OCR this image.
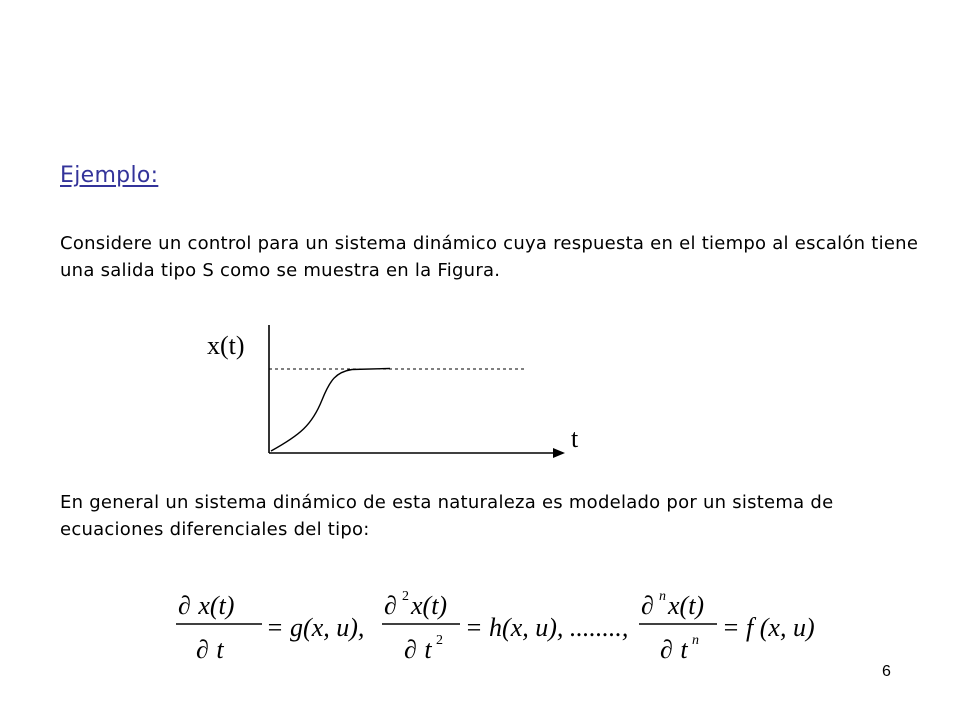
Ejemplo:

Considere un control para un sistema dinámico cuya respuesta en el tiempo al escalón tiene una salida tipo S como se muestra en la Figura.

x(t)
t

En general un sistema dinámico de esta naturaleza es modelado por un sistema de ecuaciones diferenciales del tipo:

∂ x(t)
∂ t
= g(x, u),
∂ 2 x(t)
∂ t 2 = h(x, u), ........,
∂ n x(t)
∂ t n = f (x, u)
6
